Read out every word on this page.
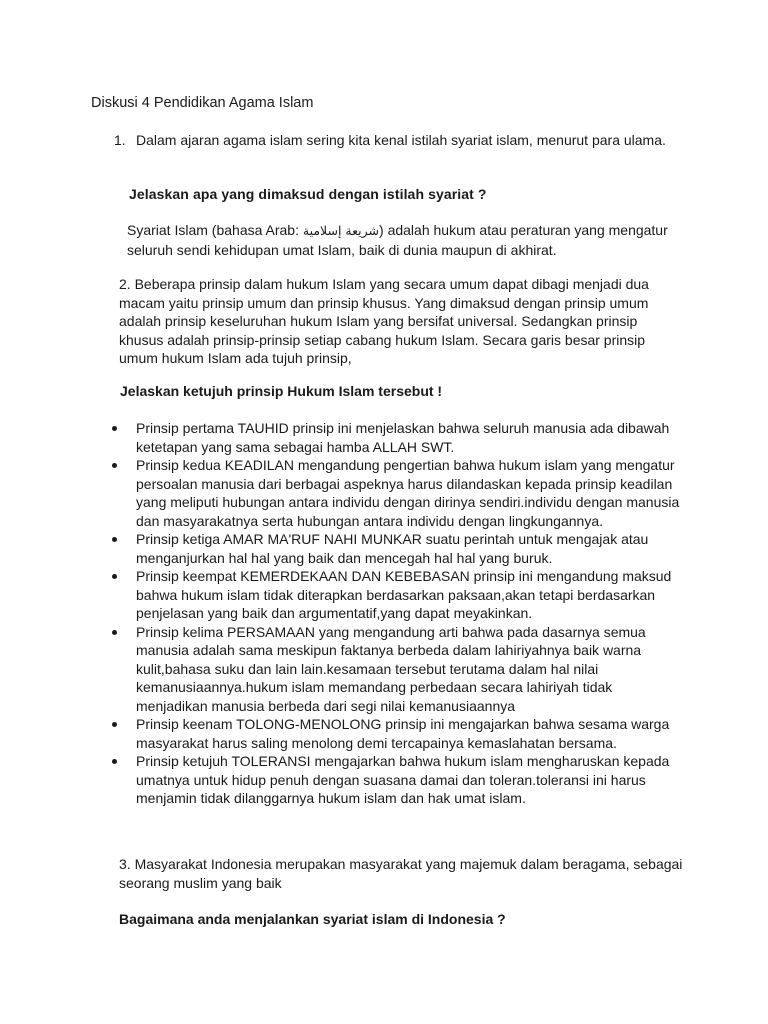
Diskusi 4 Pendidikan Agama Islam
1. Dalam ajaran agama islam sering kita kenal istilah syariat islam, menurut para ulama.
Jelaskan apa yang dimaksud dengan istilah syariat ?
Syariat Islam (bahasa Arab: شريعة إسلامية) adalah hukum atau peraturan yang mengatur seluruh sendi kehidupan umat Islam, baik di dunia maupun di akhirat.
2. Beberapa prinsip dalam hukum Islam yang secara umum dapat dibagi menjadi dua macam yaitu prinsip umum dan prinsip khusus. Yang dimaksud dengan prinsip umum adalah prinsip keseluruhan hukum Islam yang bersifat universal. Sedangkan prinsip khusus adalah prinsip-prinsip setiap cabang hukum Islam. Secara garis besar prinsip umum hukum Islam ada tujuh prinsip,
Jelaskan ketujuh prinsip Hukum Islam tersebut !
Prinsip pertama TAUHID prinsip ini menjelaskan bahwa seluruh manusia ada dibawah ketetapan yang sama sebagai hamba ALLAH SWT.
Prinsip kedua KEADILAN mengandung pengertian bahwa hukum islam yang mengatur persoalan manusia dari berbagai aspeknya harus dilandaskan kepada prinsip keadilan yang meliputi hubungan antara individu dengan dirinya sendiri.individu dengan manusia dan masyarakatnya serta hubungan antara individu dengan lingkungannya.
Prinsip ketiga AMAR MA'RUF NAHI MUNKAR suatu perintah untuk mengajak atau menganjurkan hal hal yang baik dan mencegah hal hal yang buruk.
Prinsip keempat KEMERDEKAAN DAN KEBEBASAN prinsip ini mengandung maksud bahwa hukum islam tidak diterapkan berdasarkan paksaan,akan tetapi berdasarkan penjelasan yang baik dan argumentatif,yang dapat meyakinkan.
Prinsip kelima PERSAMAAN yang mengandung arti bahwa pada dasarnya semua manusia adalah sama meskipun faktanya berbeda dalam lahiriyahnya baik warna kulit,bahasa suku dan lain lain.kesamaan tersebut terutama dalam hal nilai kemanusiaannya.hukum islam memandang perbedaan secara lahiriyah tidak menjadikan manusia berbeda dari segi nilai kemanusiaannya
Prinsip keenam TOLONG-MENOLONG prinsip ini mengajarkan bahwa sesama warga masyarakat harus saling menolong demi tercapainya kemaslahatan bersama.
Prinsip ketujuh TOLERANSI mengajarkan bahwa hukum islam mengharuskan kepada umatnya untuk hidup penuh dengan suasana damai dan toleran.toleransi ini harus menjamin tidak dilanggarnya hukum islam dan hak umat islam.
3. Masyarakat Indonesia merupakan masyarakat yang majemuk dalam beragama, sebagai seorang muslim yang baik
Bagaimana anda menjalankan syariat islam di Indonesia ?
